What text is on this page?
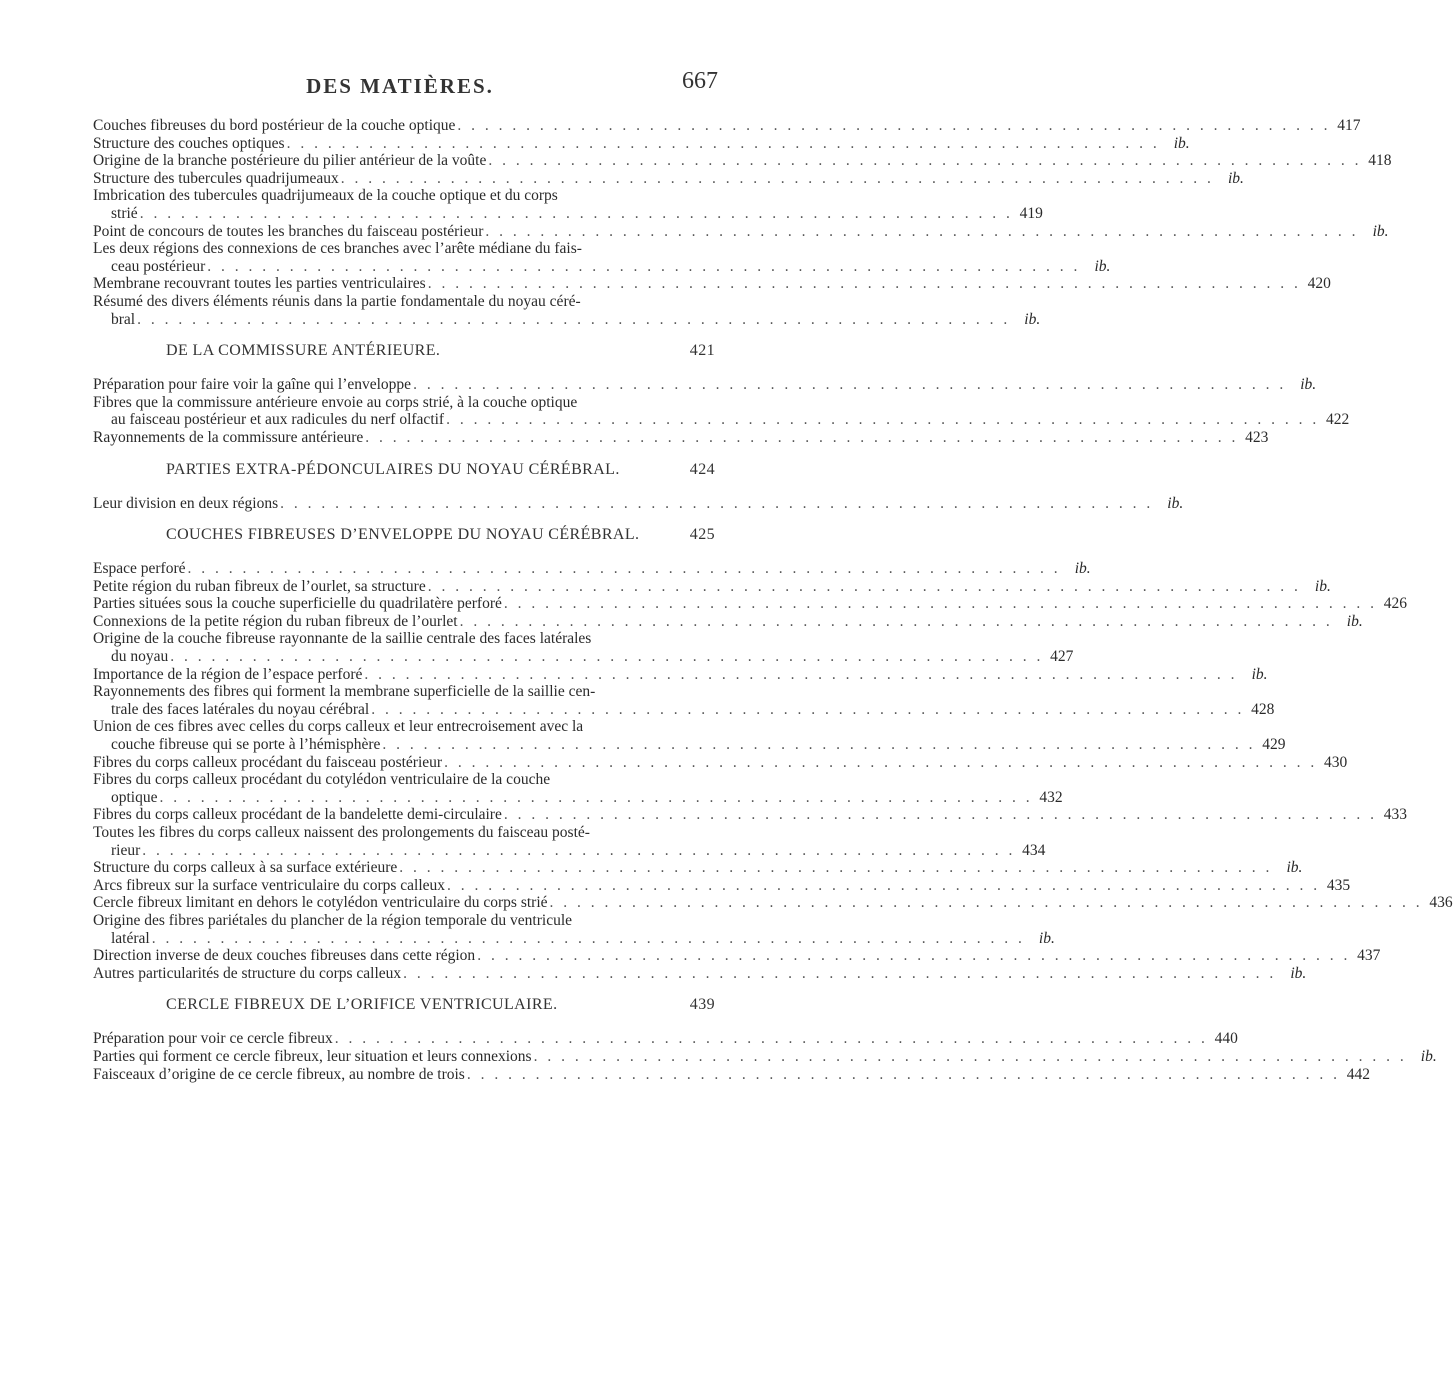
DES MATIÈRES.	667
Couches fibreuses du bord postérieur de la couche optique . . . . . . . . . . . . . . . . . . . . . . . . . . . . . . . . . . . . . . . . . . . . . . . . . . . . . . . . . . . . . . . . 417
Structure des couches optiques . . . . . . . . . . . . . . . . . . . . . . . . . . . . . . . . . . . . . . . . . . . . . . . . . . . . . . . . . . . . . . . . ib.
Origine de la branche postérieure du pilier antérieur de la voûte . . . . . . . . . . . . . . . . . . . . . . . . . . . . . . . . . . . . . . . . . . . . . . . . . . . . . . . . . . . . . . . . 418
Structure des tubercules quadrijumeaux . . . . . . . . . . . . . . . . . . . . . . . . . . . . . . . . . . . . . . . . . . . . . . . . . . . . . . . . . . . . . . . . ib.
Imbrication des tubercules quadrijumeaux de la couche optique et du corps
strié . . . . . . . . . . . . . . . . . . . . . . . . . . . . . . . . . . . . . . . . . . . . . . . . . . . . . . . . . . . . . . . . 419
Point de concours de toutes les branches du faisceau postérieur . . . . . . . . . . . . . . . . . . . . . . . . . . . . . . . . . . . . . . . . . . . . . . . . . . . . . . . . . . . . . . . . ib.
Les deux régions des connexions de ces branches avec l’arête médiane du fais-
ceau postérieur . . . . . . . . . . . . . . . . . . . . . . . . . . . . . . . . . . . . . . . . . . . . . . . . . . . . . . . . . . . . . . . . ib.
Membrane recouvrant toutes les parties ventriculaires . . . . . . . . . . . . . . . . . . . . . . . . . . . . . . . . . . . . . . . . . . . . . . . . . . . . . . . . . . . . . . . . 420
Résumé des divers éléments réunis dans la partie fondamentale du noyau céré-
bral . . . . . . . . . . . . . . . . . . . . . . . . . . . . . . . . . . . . . . . . . . . . . . . . . . . . . . . . . . . . . . . . ib.
DE LA COMMISSURE ANTÉRIEURE.	421
Préparation pour faire voir la gaîne qui l’enveloppe . . . . . . . . . . . . . . . . . . . . . . . . . . . . . . . . . . . . . . . . . . . . . . . . . . . . . . . . . . . . . . . . ib.
Fibres que la commissure antérieure envoie au corps strié, à la couche optique
au faisceau postérieur et aux radicules du nerf olfactif . . . . . . . . . . . . . . . . . . . . . . . . . . . . . . . . . . . . . . . . . . . . . . . . . . . . . . . . . . . . . . . . 422
Rayonnements de la commissure antérieure . . . . . . . . . . . . . . . . . . . . . . . . . . . . . . . . . . . . . . . . . . . . . . . . . . . . . . . . . . . . . . . . 423
PARTIES EXTRA-PÉDONCULAIRES DU NOYAU CÉRÉBRAL.	424
Leur division en deux régions . . . . . . . . . . . . . . . . . . . . . . . . . . . . . . . . . . . . . . . . . . . . . . . . . . . . . . . . . . . . . . . . ib.
COUCHES FIBREUSES D’ENVELOPPE DU NOYAU CÉRÉBRAL.	425
Espace perforé . . . . . . . . . . . . . . . . . . . . . . . . . . . . . . . . . . . . . . . . . . . . . . . . . . . . . . . . . . . . . . . . ib.
Petite région du ruban fibreux de l’ourlet, sa structure . . . . . . . . . . . . . . . . . . . . . . . . . . . . . . . . . . . . . . . . . . . . . . . . . . . . . . . . . . . . . . . . ib.
Parties situées sous la couche superficielle du quadrilatère perforé . . . . . . . . . . . . . . . . . . . . . . . . . . . . . . . . . . . . . . . . . . . . . . . . . . . . . . . . . . . . . . . . 426
Connexions de la petite région du ruban fibreux de l’ourlet . . . . . . . . . . . . . . . . . . . . . . . . . . . . . . . . . . . . . . . . . . . . . . . . . . . . . . . . . . . . . . . . ib.
Origine de la couche fibreuse rayonnante de la saillie centrale des faces latérales
du noyau . . . . . . . . . . . . . . . . . . . . . . . . . . . . . . . . . . . . . . . . . . . . . . . . . . . . . . . . . . . . . . . . 427
Importance de la région de l’espace perforé . . . . . . . . . . . . . . . . . . . . . . . . . . . . . . . . . . . . . . . . . . . . . . . . . . . . . . . . . . . . . . . . ib.
Rayonnements des fibres qui forment la membrane superficielle de la saillie cen-
trale des faces latérales du noyau cérébral . . . . . . . . . . . . . . . . . . . . . . . . . . . . . . . . . . . . . . . . . . . . . . . . . . . . . . . . . . . . . . . . 428
Union de ces fibres avec celles du corps calleux et leur entrecroisement avec la
couche fibreuse qui se porte à l’hémisphère . . . . . . . . . . . . . . . . . . . . . . . . . . . . . . . . . . . . . . . . . . . . . . . . . . . . . . . . . . . . . . . . 429
Fibres du corps calleux procédant du faisceau postérieur . . . . . . . . . . . . . . . . . . . . . . . . . . . . . . . . . . . . . . . . . . . . . . . . . . . . . . . . . . . . . . . . 430
Fibres du corps calleux procédant du cotylédon ventriculaire de la couche
optique . . . . . . . . . . . . . . . . . . . . . . . . . . . . . . . . . . . . . . . . . . . . . . . . . . . . . . . . . . . . . . . . 432
Fibres du corps calleux procédant de la bandelette demi-circulaire . . . . . . . . . . . . . . . . . . . . . . . . . . . . . . . . . . . . . . . . . . . . . . . . . . . . . . . . . . . . . . . . 433
Toutes les fibres du corps calleux naissent des prolongements du faisceau posté-
rieur . . . . . . . . . . . . . . . . . . . . . . . . . . . . . . . . . . . . . . . . . . . . . . . . . . . . . . . . . . . . . . . . 434
Structure du corps calleux à sa surface extérieure . . . . . . . . . . . . . . . . . . . . . . . . . . . . . . . . . . . . . . . . . . . . . . . . . . . . . . . . . . . . . . . . ib.
Arcs fibreux sur la surface ventriculaire du corps calleux . . . . . . . . . . . . . . . . . . . . . . . . . . . . . . . . . . . . . . . . . . . . . . . . . . . . . . . . . . . . . . . . 435
Cercle fibreux limitant en dehors le cotylédon ventriculaire du corps strié . . . . . . . . . . . . . . . . . . . . . . . . . . . . . . . . . . . . . . . . . . . . . . . . . . . . . . . . . . . . . . . . 436
Origine des fibres pariétales du plancher de la région temporale du ventricule
latéral . . . . . . . . . . . . . . . . . . . . . . . . . . . . . . . . . . . . . . . . . . . . . . . . . . . . . . . . . . . . . . . . ib.
Direction inverse de deux couches fibreuses dans cette région . . . . . . . . . . . . . . . . . . . . . . . . . . . . . . . . . . . . . . . . . . . . . . . . . . . . . . . . . . . . . . . . 437
Autres particularités de structure du corps calleux . . . . . . . . . . . . . . . . . . . . . . . . . . . . . . . . . . . . . . . . . . . . . . . . . . . . . . . . . . . . . . . . ib.
CERCLE FIBREUX DE L’ORIFICE VENTRICULAIRE.	439
Préparation pour voir ce cercle fibreux . . . . . . . . . . . . . . . . . . . . . . . . . . . . . . . . . . . . . . . . . . . . . . . . . . . . . . . . . . . . . . . . 440
Parties qui forment ce cercle fibreux, leur situation et leurs connexions . . . . . . . . . . . . . . . . . . . . . . . . . . . . . . . . . . . . . . . . . . . . . . . . . . . . . . . . . . . . . . . . ib.
Faisceaux d’origine de ce cercle fibreux, au nombre de trois . . . . . . . . . . . . . . . . . . . . . . . . . . . . . . . . . . . . . . . . . . . . . . . . . . . . . . . . . . . . . . . . 442
